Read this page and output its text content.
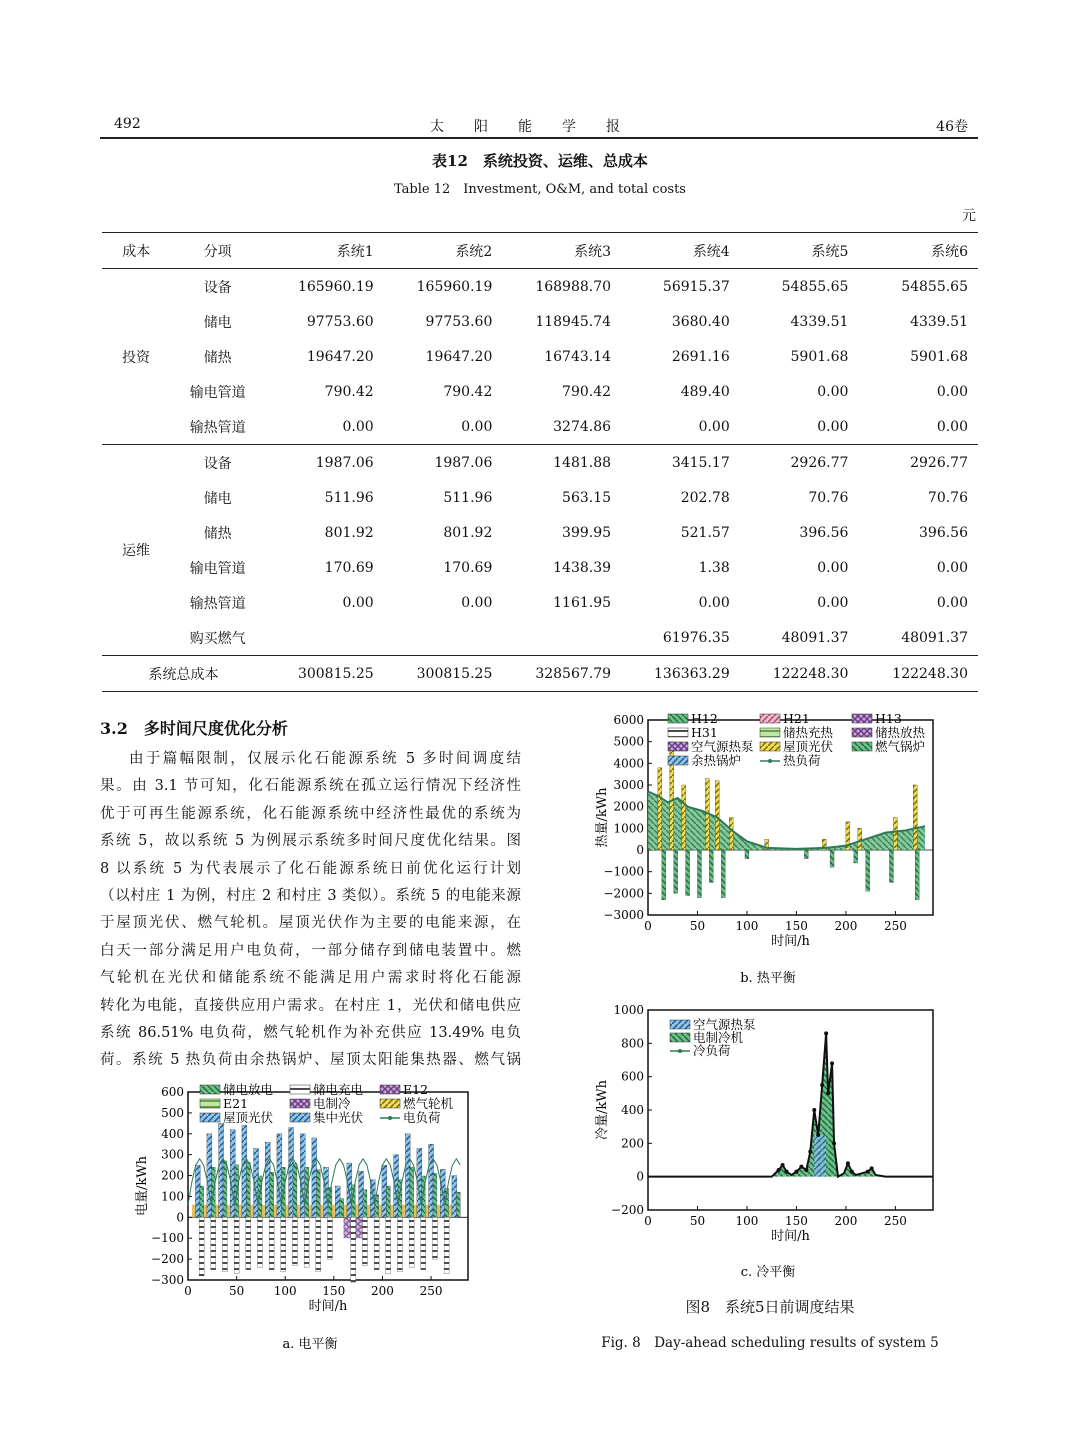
492	太阳能学报	46卷
表12　系统投资、运维、总成本
Table 12　Investment, O&M, and total costs
元
成本	分项	系统1	系统2	系统3	系统4	系统5	系统6
投资	设备	165960.19	165960.19	168988.70	56915.37	54855.65	54855.65
	储电	97753.60	97753.60	118945.74	3680.40	4339.51	4339.51
	储热	19647.20	19647.20	16743.14	2691.16	5901.68	5901.68
	输电管道	790.42	790.42	790.42	489.40	0.00	0.00
	输热管道	0.00	0.00	3274.86	0.00	0.00	0.00
运维	设备	1987.06	1987.06	1481.88	3415.17	2926.77	2926.77
	储电	511.96	511.96	563.15	202.78	70.76	70.76
	储热	801.92	801.92	399.95	521.57	396.56	396.56
	输电管道	170.69	170.69	1438.39	1.38	0.00	0.00
	输热管道	0.00	0.00	1161.95	0.00	0.00	0.00
	购买燃气				61976.35	48091.37	48091.37
系统总成本		300815.25	300815.25	328567.79	136363.29	122248.30	122248.30
3.2　多时间尺度优化分析
由于篇幅限制，仅展示化石能源系统 5 多时间调度结
果。由 3.1 节可知，化石能源系统在孤立运行情况下经济性
优于可再生能源系统，化石能源系统中经济性最优的系统为
系统 5，故以系统 5 为例展示系统多时间尺度优化结果。图
8 以系统 5 为代表展示了化石能源系统日前优化运行计划
（以村庄 1 为例，村庄 2 和村庄 3 类似）。系统 5 的电能来源
于屋顶光伏、燃气轮机。屋顶光伏作为主要的电能来源，在
白天一部分满足用户电负荷，一部分储存到储电装置中。燃
气轮机在光伏和储能系统不能满足用户需求时将化石能源
转化为电能，直接供应用户需求。在村庄 1，光伏和储电供应
系统 86.51% 电负荷，燃气轮机作为补充供应 13.49% 电负
荷。系统 5 热负荷由余热锅炉、屋顶太阳能集热器、燃气锅
600
500
400
300
200
100
0
−100
−200
−300
0	50 100 150 200 250
时间/h
电量/kWh
储电放电	储电充电	E12
E21	电制冷	燃气轮机
屋顶光伏	集中光伏	电负荷
a. 电平衡
6000
5000
4000
3000
2000
1000
0
−1000
−2000
−3000
0	50	100 150 200 250
时间/h
热量/kWh
H12	H21	H13
H31	储热充热	储热放热
空气源热泵 屋顶光伏	燃气锅炉
余热锅炉	热负荷
b. 热平衡
1000
800
600
400
200
0
−200
0	50	100 150 200 250
时间/h
冷量/kWh
空气源热泵
电制冷机
冷负荷
c. 冷平衡
图8　系统5日前调度结果
Fig. 8　Day-ahead scheduling results of system 5
